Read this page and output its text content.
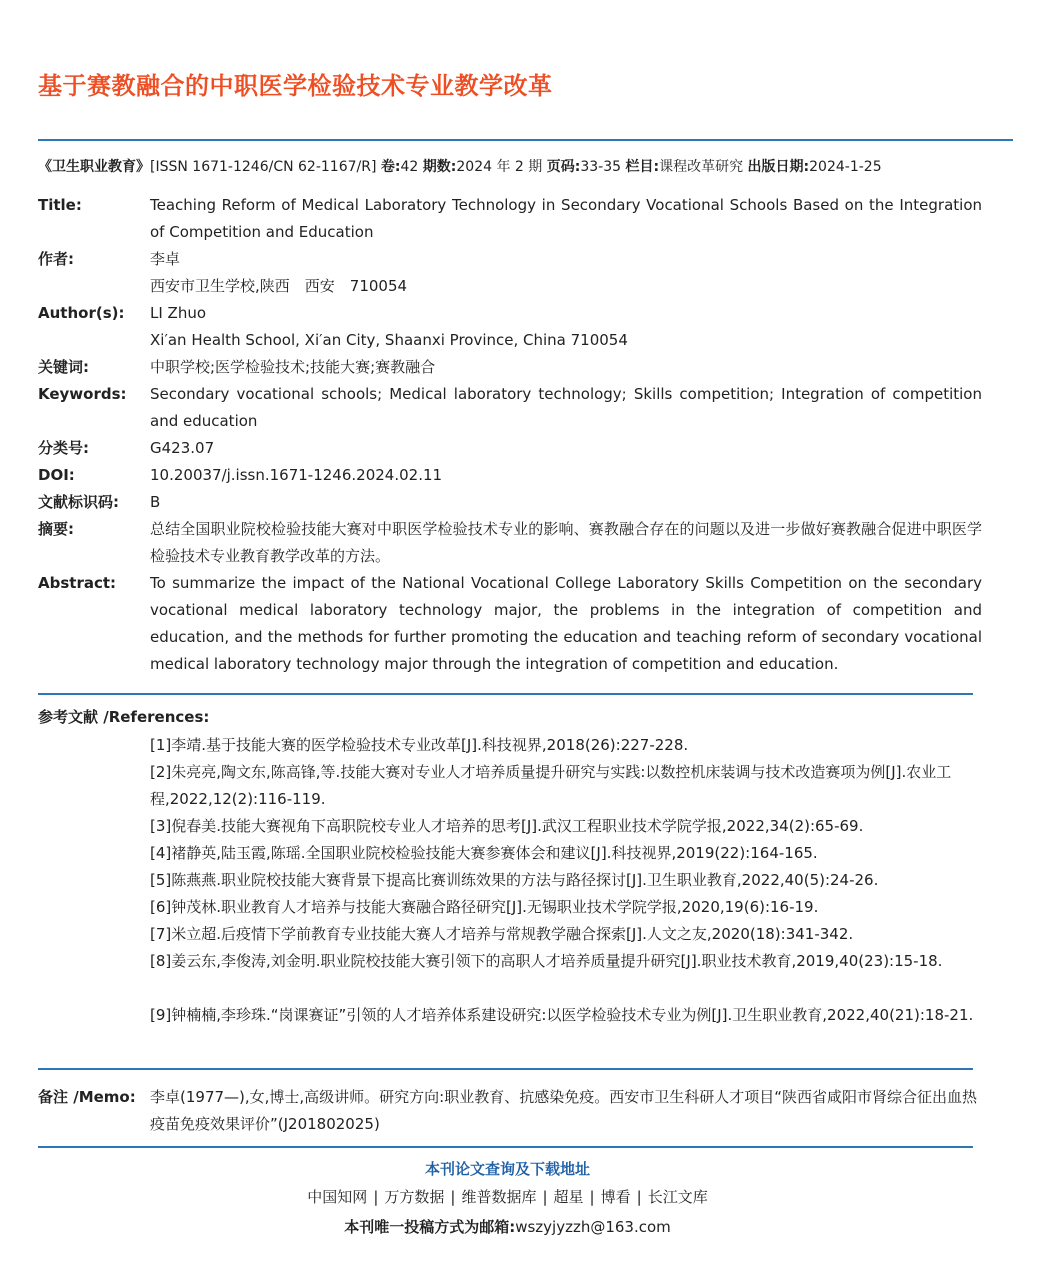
基于赛教融合的中职医学检验技术专业教学改革
《卫生职业教育》[ISSN 1671-1246/CN 62-1167/R] 卷:42 期数:2024 年 2 期 页码:33-35 栏目:课程改革研究 出版日期:2024-1-25
Title:	Teaching Reform of Medical Laboratory Technology in Secondary Vocational Schools Based on the Integration of Competition and Education
作者:	李卓
西安市卫生学校,陕西　西安　710054
Author(s): LI Zhuo
Xi′an Health School, Xi′an City, Shaanxi Province, China 710054
关键词:	中职学校;医学检验技术;技能大赛;赛教融合
Keywords: Secondary vocational schools; Medical laboratory technology; Skills competition; Integration of competition and education
分类号:	G423.07
DOI:	10.20037/j.issn.1671-1246.2024.02.11
文献标识码: B
摘要:	总结全国职业院校检验技能大赛对中职医学检验技术专业的影响、赛教融合存在的问题以及进一步做好赛教融合促进中职医学检验技术专业教育教学改革的方法。
Abstract: To summarize the impact of the National Vocational College Laboratory Skills Competition on the secondary vocational medical laboratory technology major, the problems in the integration of competition and education, and the methods for further promoting the education and teaching reform of secondary vocational medical laboratory technology major through the integration of competition and education.
参考文献 /References:
[1]李靖.基于技能大赛的医学检验技术专业改革[J].科技视界,2018(26):227-228.
[2]朱亮亮,陶文东,陈高锋,等.技能大赛对专业人才培养质量提升研究与实践:以数控机床装调与技术改造赛项为例[J].农业工程,2022,12(2):116-119.
[3]倪春美.技能大赛视角下高职院校专业人才培养的思考[J].武汉工程职业技术学院学报,2022,34(2):65-69.
[4]褚静英,陆玉霞,陈瑶.全国职业院校检验技能大赛参赛体会和建议[J].科技视界,2019(22):164-165.
[5]陈燕燕.职业院校技能大赛背景下提高比赛训练效果的方法与路径探讨[J].卫生职业教育,2022,40(5):24-26.
[6]钟茂林.职业教育人才培养与技能大赛融合路径研究[J].无锡职业技术学院学报,2020,19(6):16-19.
[7]米立超.后疫情下学前教育专业技能大赛人才培养与常规教学融合探索[J].人文之友,2020(18):341-342.
[8]姜云东,李俊涛,刘金明.职业院校技能大赛引领下的高职人才培养质量提升研究[J].职业技术教育,2019,40(23):15-18.
[9]钟楠楠,李珍珠.“岗课赛证”引领的人才培养体系建设研究:以医学检验技术专业为例[J].卫生职业教育,2022,40(21):18-21.
备注 /Memo: 李卓(1977—),女,博士,高级讲师。研究方向:职业教育、抗感染免疫。西安市卫生科研人才项目“陕西省咸阳市肾综合征出血热疫苗免疫效果评价”(J201802025)
本刊论文查询及下载地址
中国知网 | 万方数据 | 维普数据库 | 超星 | 博看 | 长江文库
本刊唯一投稿方式为邮箱:wszyjyzzh@163.com
